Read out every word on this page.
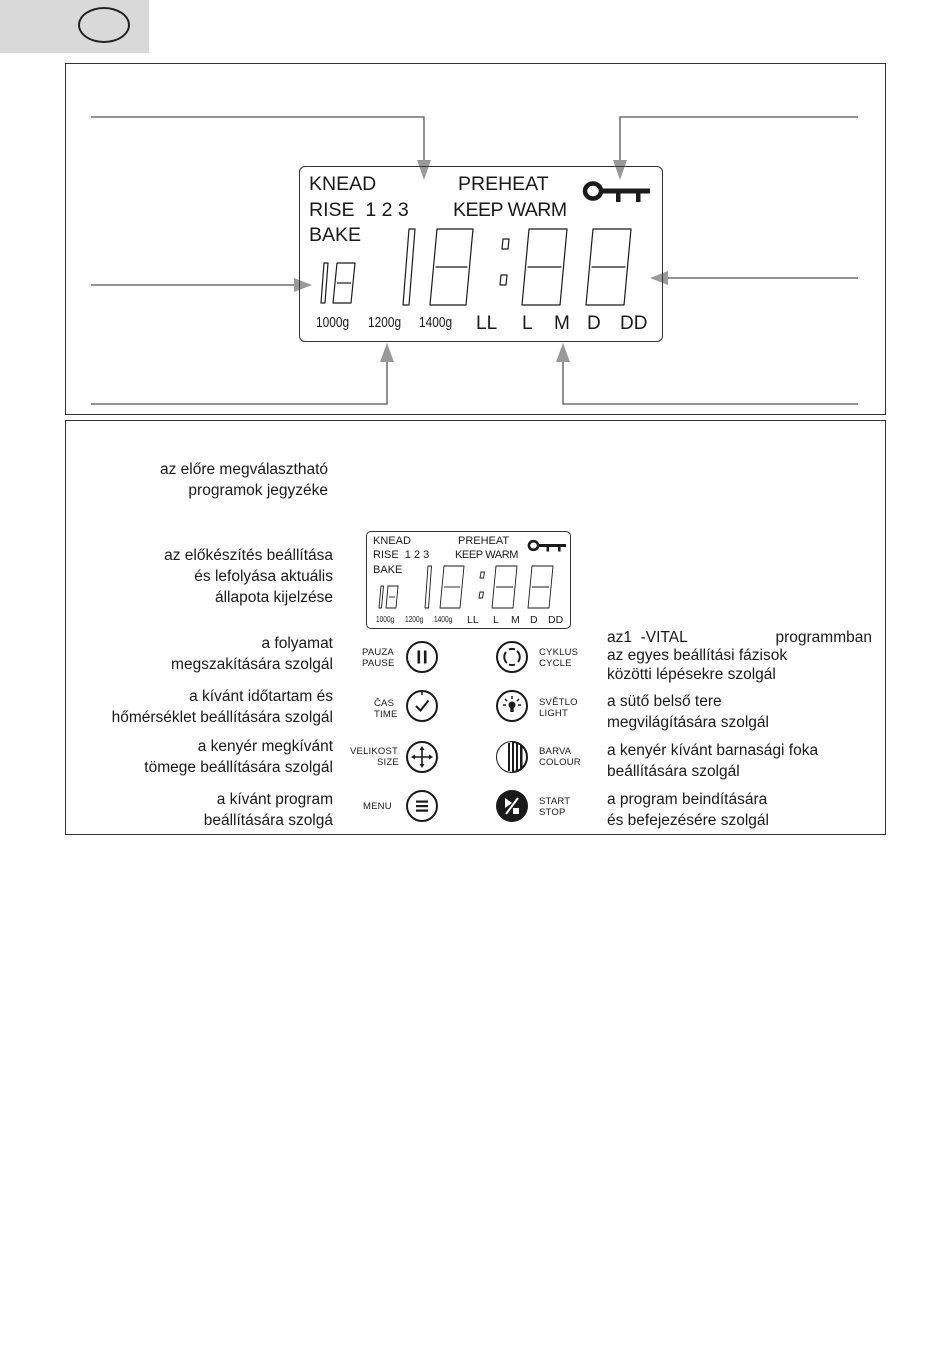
KNEAD
RISE  1 2 3
BAKE
PREHEAT
KEEP WARM
1000g 1200g 1400g LL L M D DD
az előre megválasztható
programok jegyzéke
az előkészítés beállítása
és lefolyása aktuális
állapota kijelzése
a folyamat
megszakítására szolgál
a kívánt időtartam és
hőmérséklet beállítására szolgál
a kenyér megkívánt
tömege beállítására szolgál
a kívánt program
beállítására szolgá
az1  -VITAL	programmban
az egyes beállítási fázisok
közötti lépésekre szolgál
a sütő belső tere
megvilágítására szolgál
a kenyér kívánt barnasági foka
beállítására szolgál
a program beindítására
és befejezésére szolgál
KNEAD
RISE  1 2 3
BAKE
PREHEAT
KEEP WARM
1000g 1200g 1400g LL L M D DD
PAUZA
PAUSE
ČAS
TIME
VELIKOST
SIZE
MENU
CYKLUS
CYCLE
SVĚTLO
LIGHT
BARVA
COLOUR
START
STOP
